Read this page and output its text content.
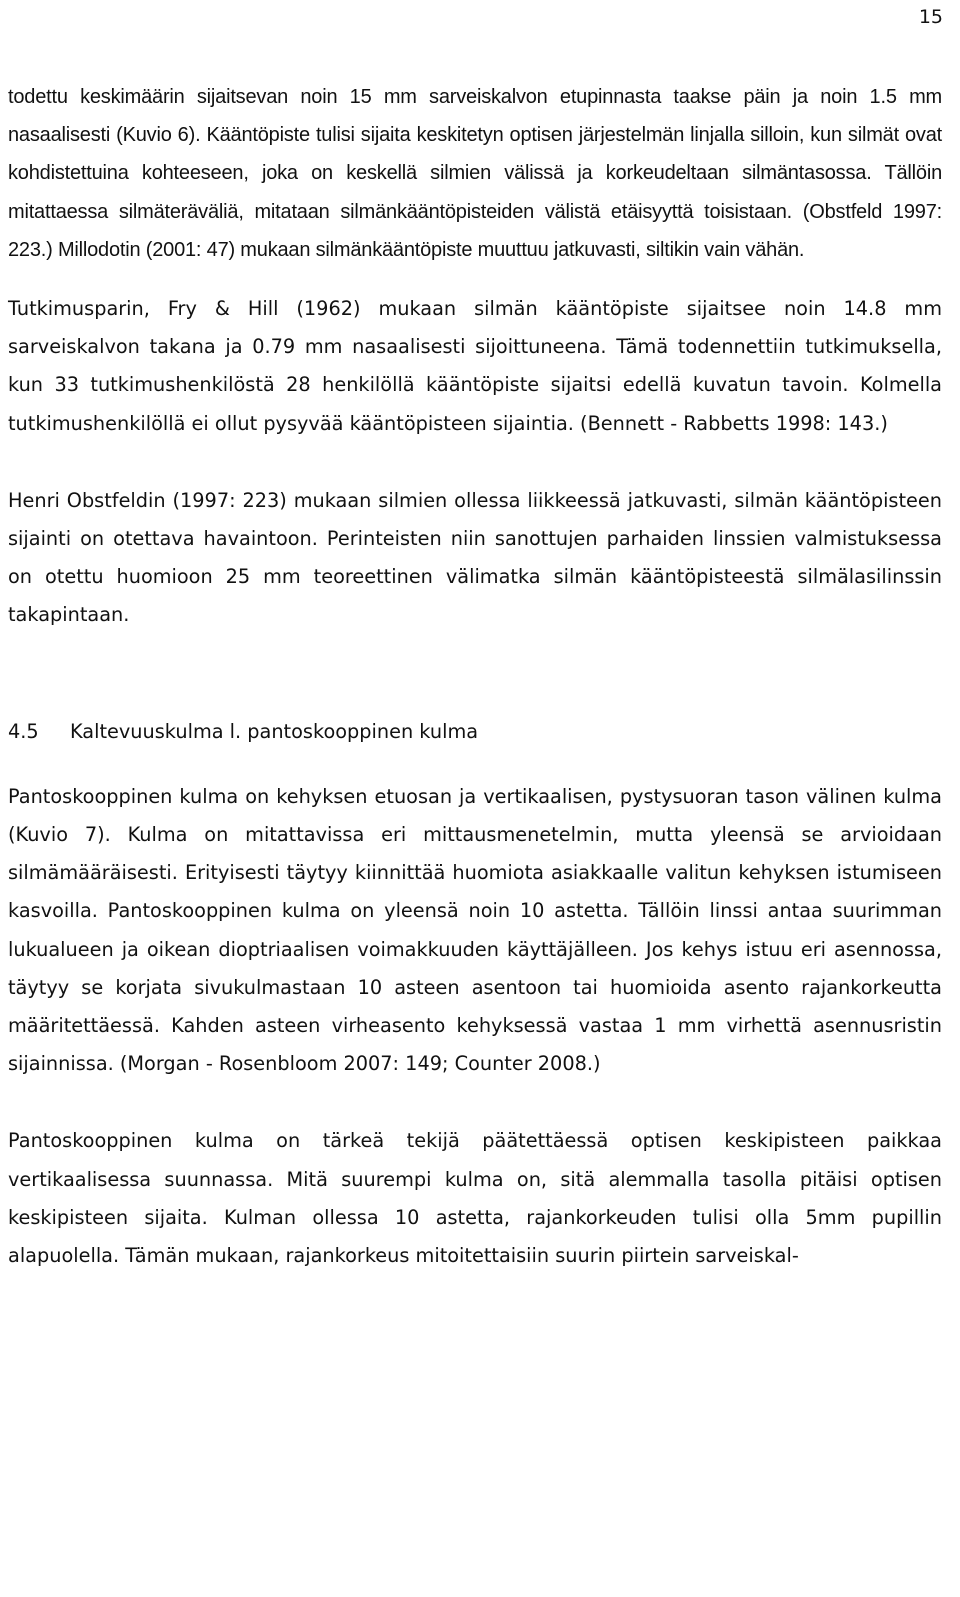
15

todettu keskimäärin sijaitsevan noin 15 mm sarveiskalvon etupinnasta taakse päin ja noin 1.5 mm nasaalisesti (Kuvio 6). Kääntöpiste tulisi sijaita keskitetyn optisen järjestelmän linjalla silloin, kun silmät ovat kohdistettuina kohteeseen, joka on keskellä silmien välissä ja korkeudeltaan silmäntasossa. Tällöin mitattaessa silmäteräväliä, mitataan silmänkääntöpisteiden välistä etäisyyttä toisistaan. (Obstfeld 1997: 223.) Millodotin (2001: 47) mukaan silmänkääntöpiste muuttuu jatkuvasti, siltikin vain vähän.

Tutkimusparin, Fry & Hill (1962) mukaan silmän kääntöpiste sijaitsee noin 14.8 mm sarveiskalvon takana ja 0.79 mm nasaalisesti sijoittuneena. Tämä todennettiin tutkimuksella, kun 33 tutkimushenkilöstä 28 henkilöllä kääntöpiste sijaitsi edellä kuvatun tavoin. Kolmella tutkimushenkilöllä ei ollut pysyvää kääntöpisteen sijaintia. (Bennett - Rabbetts 1998: 143.)

Henri Obstfeldin (1997: 223) mukaan silmien ollessa liikkeessä jatkuvasti, silmän kääntöpisteen sijainti on otettava havaintoon. Perinteisten niin sanottujen parhaiden linssien valmistuksessa on otettu huomioon 25 mm teoreettinen välimatka silmän kääntöpisteestä silmälasilinssin takapintaan.

4.5 Kaltevuuskulma l. pantoskooppinen kulma

Pantoskooppinen kulma on kehyksen etuosan ja vertikaalisen, pystysuoran tason välinen kulma (Kuvio 7). Kulma on mitattavissa eri mittausmenetelmin, mutta yleensä se arvioidaan silmämääräisesti. Erityisesti täytyy kiinnittää huomiota asiakkaalle valitun kehyksen istumiseen kasvoilla. Pantoskooppinen kulma on yleensä noin 10 astetta. Tällöin linssi antaa suurimman lukualueen ja oikean dioptriaalisen voimakkuuden käyttäjälleen. Jos kehys istuu eri asennossa, täytyy se korjata sivukulmastaan 10 asteen asentoon tai huomioida asento rajankorkeutta määritettäessä. Kahden asteen virheasento kehyksessä vastaa 1 mm virhettä asennusristin sijainnissa. (Morgan - Rosenbloom 2007: 149; Counter 2008.)

Pantoskooppinen kulma on tärkeä tekijä päätettäessä optisen keskipisteen paikkaa vertikaalisessa suunnassa. Mitä suurempi kulma on, sitä alemmalla tasolla pitäisi optisen keskipisteen sijaita. Kulman ollessa 10 astetta, rajankorkeuden tulisi olla 5mm pupillin alapuolella. Tämän mukaan, rajankorkeus mitoitettaisiin suurin piirtein sarveiskal-
